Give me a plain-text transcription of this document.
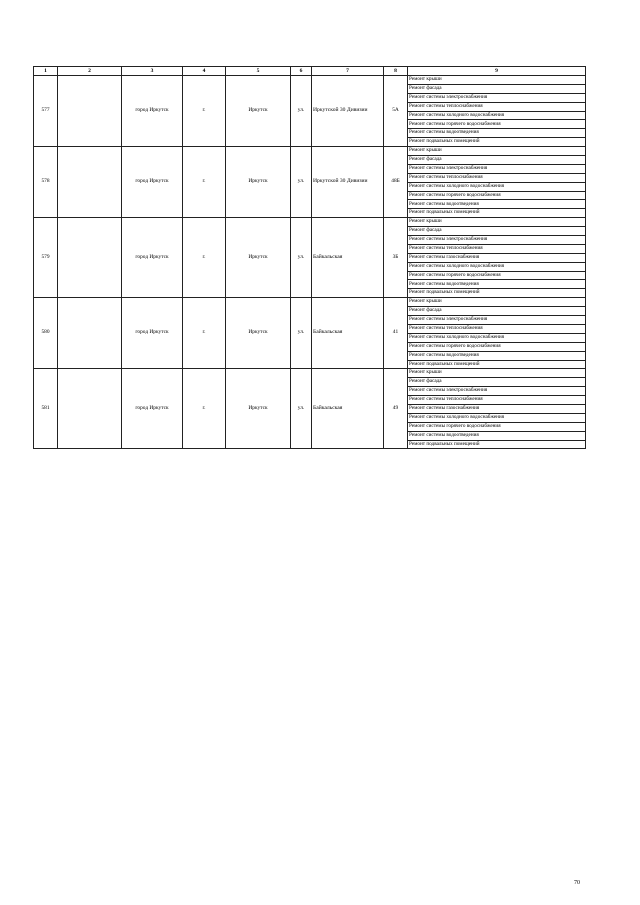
1	2	3	4	5	6	7	8	9
577		город Иркутск	г.	Иркутск	ул.	Иркутской 30 Дивизии	5А	Ремонт крыши
								Ремонт фасада
								Ремонт системы электроснабжения
								Ремонт системы теплоснабжения
								Ремонт системы холодного водоснабжения
								Ремонт системы горячего водоснабжения
								Ремонт системы водоотведения
								Ремонт подвальных помещений
578		город Иркутск	г.	Иркутск	ул.	Иркутской 30 Дивизии	48Б	Ремонт крыши
								Ремонт фасада
								Ремонт системы электроснабжения
								Ремонт системы теплоснабжения
								Ремонт системы холодного водоснабжения
								Ремонт системы горячего водоснабжения
								Ремонт системы водоотведения
								Ремонт подвальных помещений
579		город Иркутск	г.	Иркутск	ул.	Байкальская	3Б	Ремонт крыши
								Ремонт фасада
								Ремонт системы электроснабжения
								Ремонт системы теплоснабжения
								Ремонт системы газоснабжения
								Ремонт системы холодного водоснабжения
								Ремонт системы горячего водоснабжения
								Ремонт системы водоотведения
								Ремонт подвальных помещений
580		город Иркутск	г.	Иркутск	ул.	Байкальская	41	Ремонт крыши
								Ремонт фасада
								Ремонт системы электроснабжения
								Ремонт системы теплоснабжения
								Ремонт системы холодного водоснабжения
								Ремонт системы горячего водоснабжения
								Ремонт системы водоотведения
								Ремонт подвальных помещений
581		город Иркутск	г.	Иркутск	ул.	Байкальская	49	Ремонт крыши
								Ремонт фасада
								Ремонт системы электроснабжения
								Ремонт системы теплоснабжения
								Ремонт системы газоснабжения
								Ремонт системы холодного водоснабжения
								Ремонт системы горячего водоснабжения
								Ремонт системы водоотведения
								Ремонт подвальных помещений
70
